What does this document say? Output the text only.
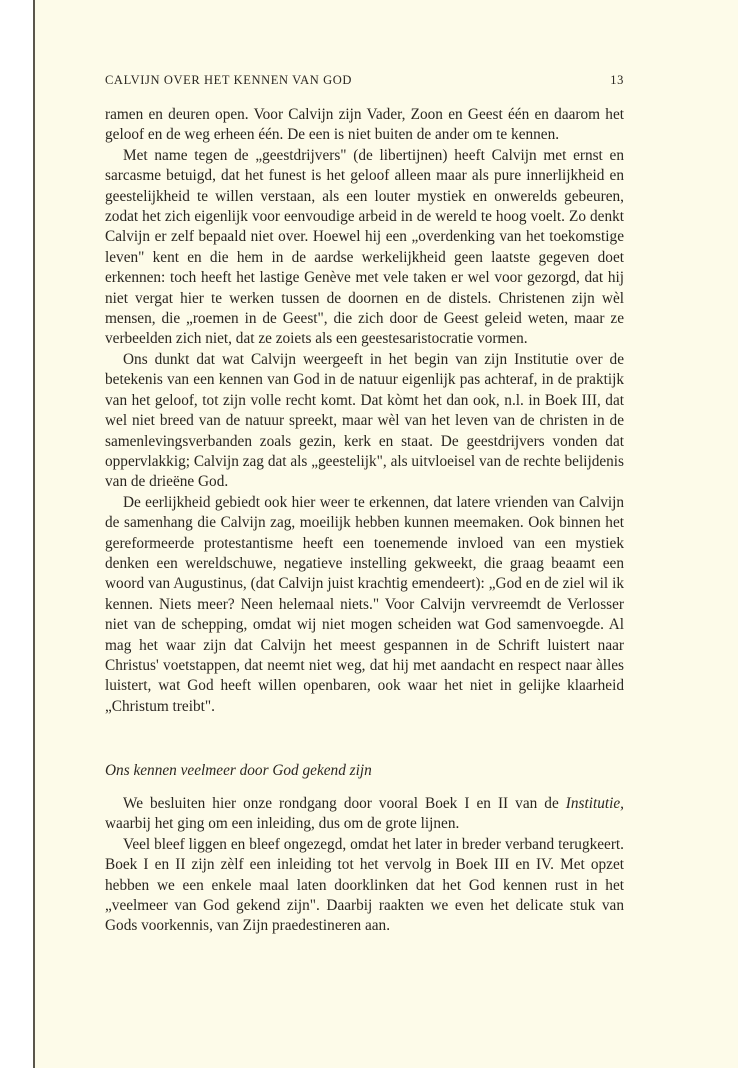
CALVIJN OVER HET KENNEN VAN GOD	13

ramen en deuren open. Voor Calvijn zijn Vader, Zoon en Geest één en daarom het geloof en de weg erheen één. De een is niet buiten de ander om te kennen.

Met name tegen de „geestdrijvers" (de libertijnen) heeft Calvijn met ernst en sarcasme betuigd, dat het funest is het geloof alleen maar als pure innerlijkheid en geestelijkheid te willen verstaan, als een louter mystiek en onwerelds gebeuren, zodat het zich eigenlijk voor eenvoudige arbeid in de wereld te hoog voelt. Zo denkt Calvijn er zelf bepaald niet over. Hoewel hij een „overdenking van het toekomstige leven" kent en die hem in de aardse werkelijkheid geen laatste gegeven doet erkennen: toch heeft het lastige Genève met vele taken er wel voor gezorgd, dat hij niet vergat hier te werken tussen de doornen en de distels. Christenen zijn wèl mensen, die „roemen in de Geest", die zich door de Geest geleid weten, maar ze verbeelden zich niet, dat ze zoiets als een geestesaristocratie vormen.

Ons dunkt dat wat Calvijn weergeeft in het begin van zijn Institutie over de betekenis van een kennen van God in de natuur eigenlijk pas achteraf, in de praktijk van het geloof, tot zijn volle recht komt. Dat kòmt het dan ook, n.l. in Boek III, dat wel niet breed van de natuur spreekt, maar wèl van het leven van de christen in de samenlevingsverbanden zoals gezin, kerk en staat. De geestdrijvers vonden dat oppervlakkig; Calvijn zag dat als „geestelijk", als uitvloeisel van de rechte belijdenis van de drieëne God.

De eerlijkheid gebiedt ook hier weer te erkennen, dat latere vrienden van Calvijn de samenhang die Calvijn zag, moeilijk hebben kunnen meemaken. Ook binnen het gereformeerde protestantisme heeft een toenemende invloed van een mystiek denken een wereldschuwe, negatieve instelling gekweekt, die graag beaamt een woord van Augustinus, (dat Calvijn juist krachtig emendeert): „God en de ziel wil ik kennen. Niets meer? Neen helemaal niets." Voor Calvijn vervreemdt de Verlosser niet van de schepping, omdat wij niet mogen scheiden wat God samenvoegde. Al mag het waar zijn dat Calvijn het meest gespannen in de Schrift luistert naar Christus' voetstappen, dat neemt niet weg, dat hij met aandacht en respect naar àlles luistert, wat God heeft willen openbaren, ook waar het niet in gelijke klaarheid „Christum treibt".

Ons kennen veelmeer door God gekend zijn

We besluiten hier onze rondgang door vooral Boek I en II van de Institutie, waarbij het ging om een inleiding, dus om de grote lijnen.

Veel bleef liggen en bleef ongezegd, omdat het later in breder verband terugkeert. Boek I en II zijn zèlf een inleiding tot het vervolg in Boek III en IV. Met opzet hebben we een enkele maal laten doorklinken dat het God kennen rust in het „veelmeer van God gekend zijn". Daarbij raakten we even het delicate stuk van Gods voorkennis, van Zijn praedestineren aan.
